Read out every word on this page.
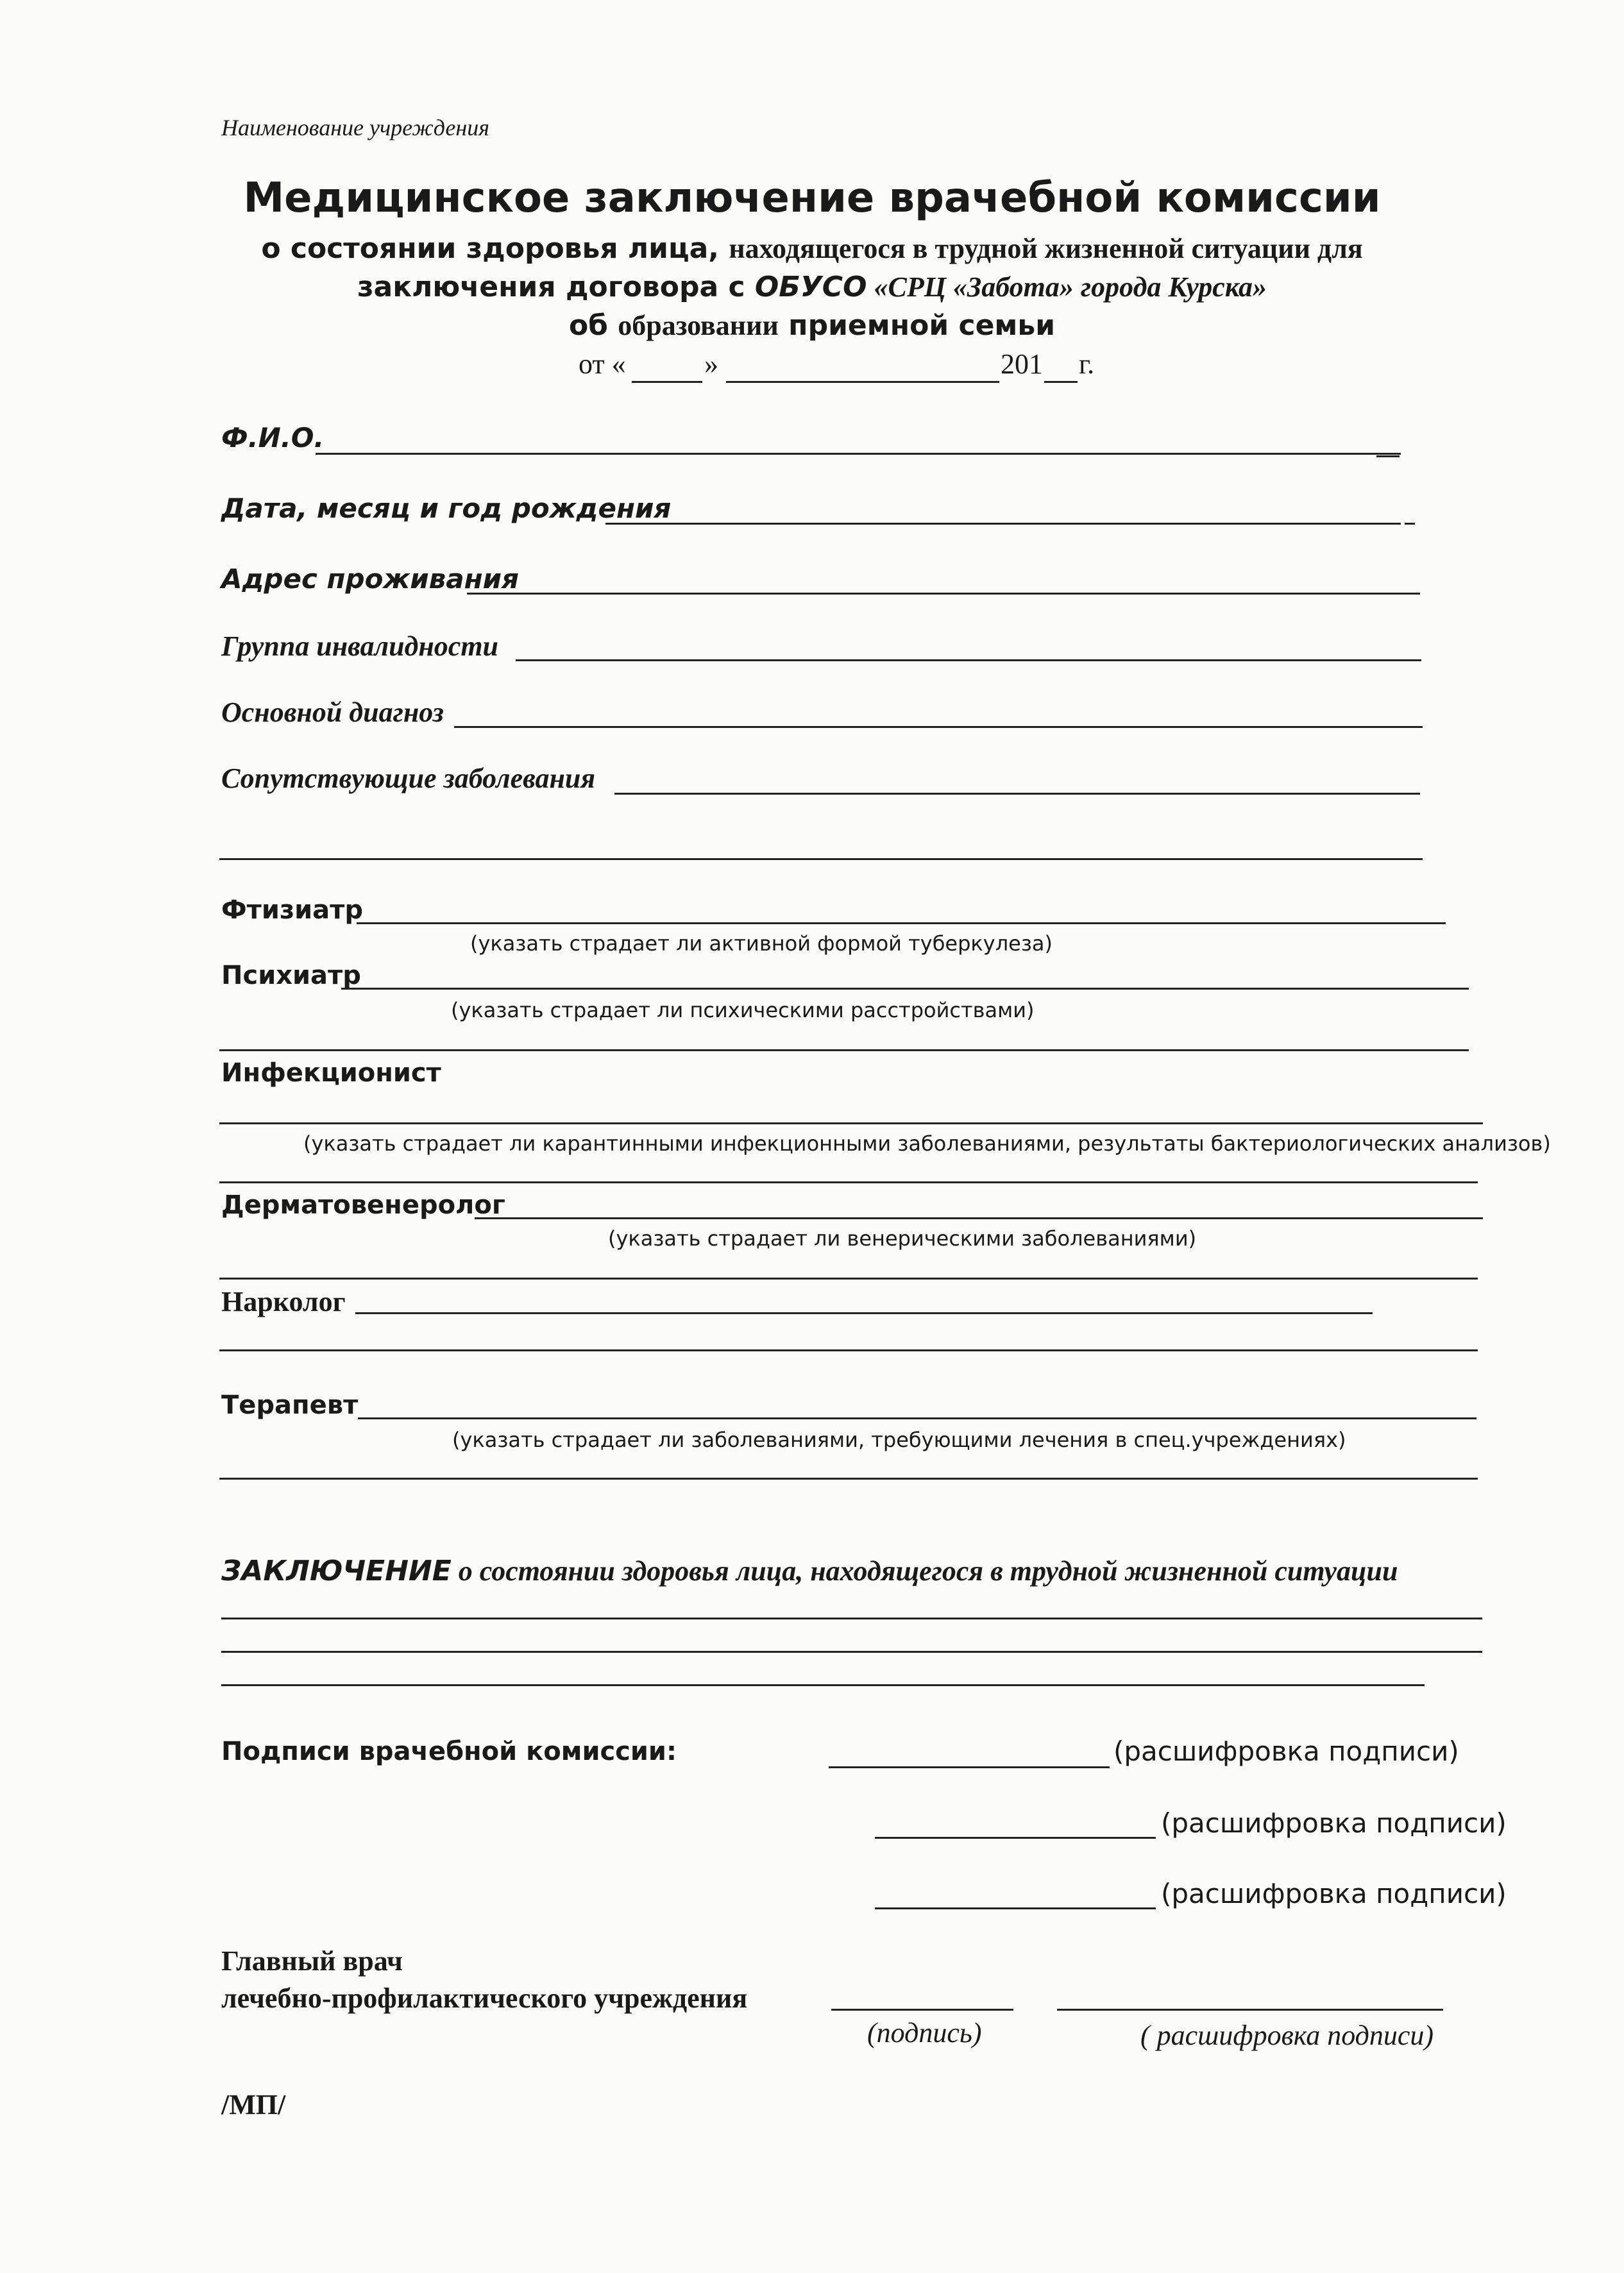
Наименование учреждения
Медицинское заключение врачебной комиссии
о состоянии здоровья лица, находящегося в трудной жизненной ситуации для
заключения договора с ОБУСО «СРЦ «Забота» города Курска»
об образовании приемной семьи
от «	»	201 г.
Ф.И.О.
Дата, месяц и год рождения
Адрес проживания
Группа инвалидности
Основной диагноз
Сопутствующие заболевания
Фтизиатр
(указать страдает ли активной формой туберкулеза)
Психиатр
(указать страдает ли психическими расстройствами)
Инфекционист
(указать страдает ли карантинными инфекционными заболеваниями, результаты бактериологических анализов)
Дерматовенеролог
(указать страдает ли венерическими заболеваниями)
Нарколог
Терапевт
(указать страдает ли заболеваниями, требующими лечения в спец.учреждениях)
ЗАКЛЮЧЕНИЕ о состоянии здоровья лица, находящегося в трудной жизненной ситуации
Подписи врачебной комиссии:	(расшифровка подписи)
(расшифровка подписи)
(расшифровка подписи)
Главный врач
лечебно-профилактического учреждения
(подпись)	( расшифровка подписи)
/МП/
